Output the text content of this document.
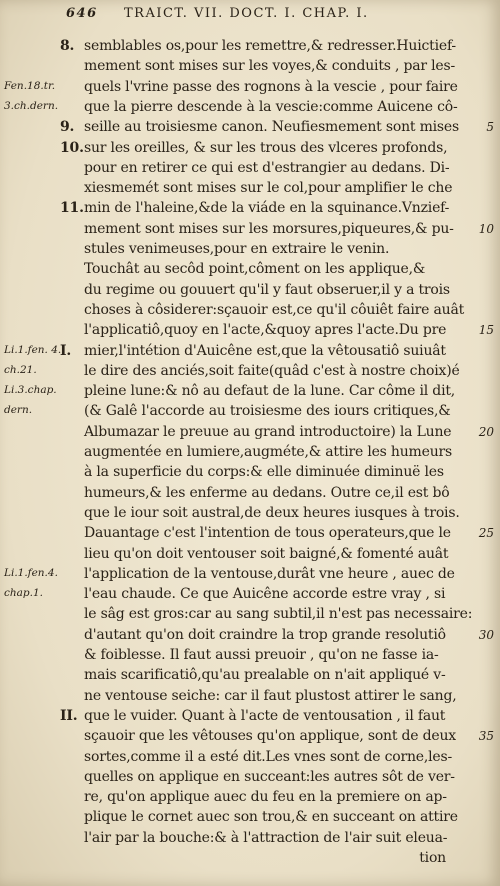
646 TRAICT. VII. DOCT. I. CHAP. I.
8. semblables os,pour les remettre,& redresser.Huictief-
mement sont mises sur les voyes,& conduits , par les-
quels l'vrine passe des rognons à la vescie , pour faire
que la pierre descende à la vescie:comme Auicene cô-
9. seille au troisiesme canon. Neufiesmement sont mises
10. sur les oreilles, & sur les trous des vlceres profonds,
pour en retirer ce qui est d'estrangier au dedans. Di-
xiesmemét sont mises sur le col,pour amplifier le che
11. min de l'haleine,&de la viáde en la squinance.Vnzief-
mement sont mises sur les morsures,piqueures,& pu-
stules venimeuses,pour en extraire le venin.
Touchât au secôd point,côment on les applique,&
du regime ou gouuert qu'il y faut obseruer,il y a trois
choses à côsiderer:sçauoir est,ce qu'il côuiêt faire auât
l'applicatiô,quoy en l'acte,&quoy apres l'acte.Du pre
I. mier,l'intétion d'Auicêne est,que la vêtousatiô suiuât
le dire des anciés,soit faite(quâd c'est à nostre choix)é
pleine lune:& nô au defaut de la lune. Car côme il dit,
(& Galê l'accorde au troisiesme des iours critiques,&
Albumazar le preuue au grand introductoire) la Lune
augmentée en lumiere,augméte,& attire les humeurs
à la superficie du corps:& elle diminuée diminuë les
humeurs,& les enferme au dedans. Outre ce,il est bô
que le iour soit austral,de deux heures iusques à trois.
Dauantage c'est l'intention de tous operateurs,que le
lieu qu'on doit ventouser soit baigné,& fomenté auât
l'application de la ventouse,durât vne heure , auec de
l'eau chaude. Ce que Auicêne accorde estre vray , si
le sâg est gros:car au sang subtil,il n'est pas necessaire:
d'autant qu'on doit craindre la trop grande resolutiô
& foiblesse. Il faut aussi preuoir , qu'on ne fasse ia-
mais scarificatiô,qu'au prealable on n'ait appliqué v-
ne ventouse seiche: car il faut plustost attirer le sang,
II. que le vuider. Quant à l'acte de ventousation , il faut
sçauoir que les vêtouses qu'on applique, sont de deux
sortes,comme il a esté dit.Les vnes sont de corne,les-
quelles on applique en succeant:les autres sôt de ver-
re, qu'on applique auec du feu en la premiere on ap-
plique le cornet auec son trou,& en succeant on attire
l'air par la bouche:& à l'attraction de l'air suit eleua-
tion
Fen.18.tr.
3.ch.dern.
Li.1.fen. 4.
ch.21.
Li.3.chap.
dern.
Li.1.fen.4.
chap.1.
5
10
15
20
25
30
35
